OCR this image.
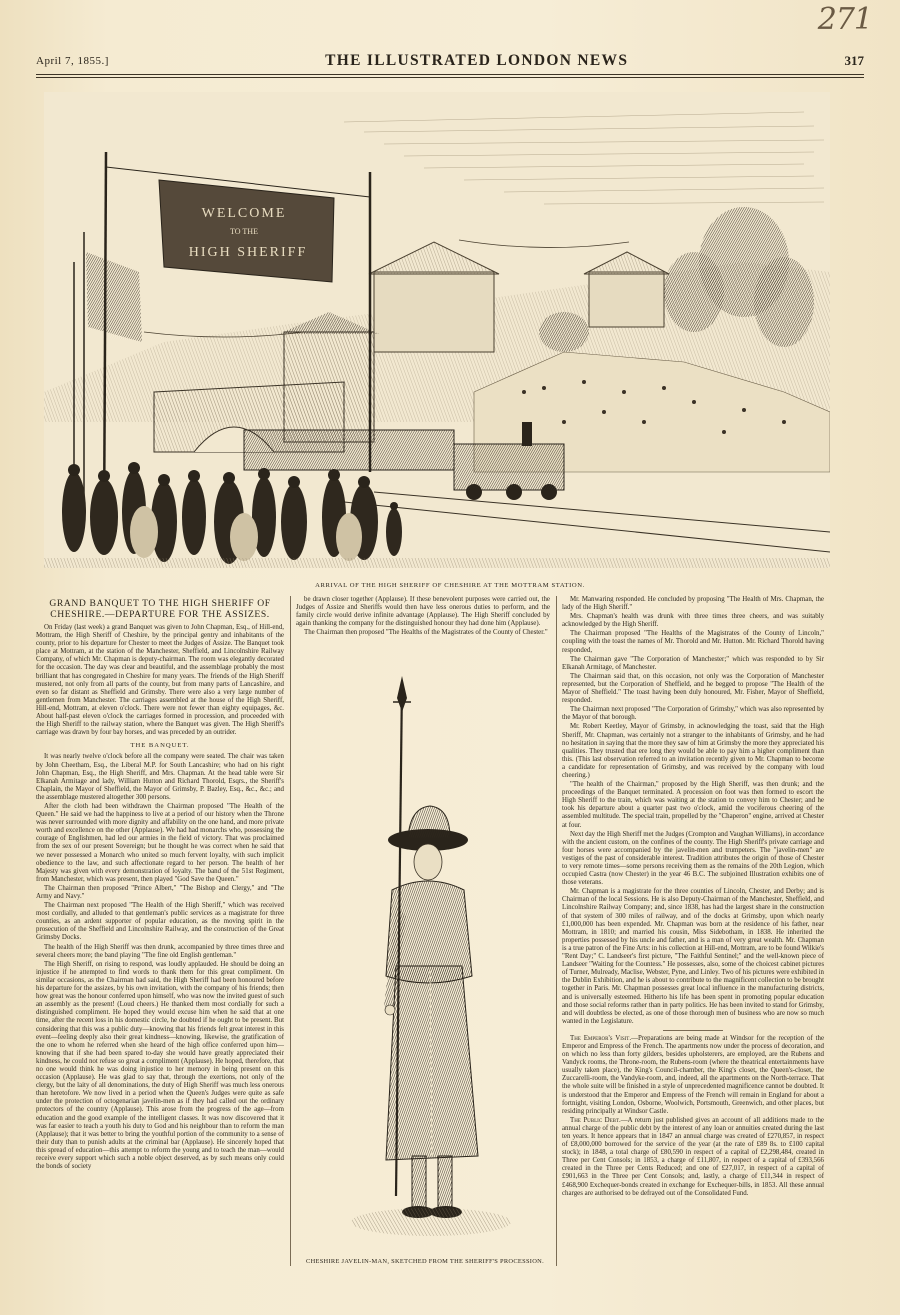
271
April 7, 1855.]	THE ILLUSTRATED LONDON NEWS	317
WELCOME
TO THE
HIGH SHERIFF
ARRIVAL OF THE HIGH SHERIFF OF CHESHIRE AT THE MOTTRAM STATION.
GRAND BANQUET TO THE HIGH SHERIFF OF CHESHIRE.—DEPARTURE FOR THE ASSIZES.

On Friday (last week) a grand Banquet was given to John Chapman, Esq., of Hill-end, Mottram, the High Sheriff of Cheshire, by the principal gentry and inhabitants of the county, prior to his departure for Chester to meet the Judges of Assize. The Banquet took place at Mottram, at the station of the Manchester, Sheffield, and Lincolnshire Railway Company, of which Mr. Chapman is deputy-chairman. The room was elegantly decorated for the occasion. The day was clear and beautiful, and the assemblage probably the most brilliant that has congregated in Cheshire for many years. The friends of the High Sheriff mustered, not only from all parts of the county, but from many parts of Lancashire, and even so far distant as Sheffield and Grimsby. There were also a very large number of gentlemen from Manchester. The carriages assembled at the house of the High Sheriff, Hill-end, Mottram, at eleven o'clock. There were not fewer than eighty equipages, &c. About half-past eleven o'clock the carriages formed in procession, and proceeded with the High Sheriff to the railway station, where the Banquet was given. The High Sheriff's carriage was drawn by four bay horses, and was preceded by an outrider.

THE BANQUET.

It was nearly twelve o'clock before all the company were seated. The chair was taken by John Cheetham, Esq., the Liberal M.P. for South Lancashire; who had on his right John Chapman, Esq., the High Sheriff, and Mrs. Chapman. At the head table were Sir Elkanah Armitage and lady, William Hutton and Richard Thorold, Esqrs., the Sheriff's Chaplain, the Mayor of Sheffield, the Mayor of Grimsby, P. Bazley, Esq., &c., &c.; and the assemblage mustered altogether 300 persons.

After the cloth had been withdrawn the Chairman proposed "The Health of the Queen." He said we had the happiness to live at a period of our history when the Throne was never surrounded with more dignity and affability on the one hand, and more private worth and excellence on the other (Applause). We had had monarchs who, possessing the courage of Englishmen, had led our armies in the field of victory. That was proclaimed from the sex of our present Sovereign; but he thought he was correct when he said that we never possessed a Monarch who united so much fervent loyalty, with such implicit obedience to the law, and such affectionate regard to her person. The health of her Majesty was given with every demonstration of loyalty. The band of the 51st Regiment, from Manchester, which was present, then played "God Save the Queen."

The Chairman then proposed "Prince Albert," "The Bishop and Clergy," and "The Army and Navy."

The Chairman next proposed "The Health of the High Sheriff," which was received most cordially, and alluded to that gentleman's public services as a magistrate for three counties, as an ardent supporter of popular education, as the moving spirit in the prosecution of the Sheffield and Lincolnshire Railway, and the construction of the Great Grimsby Docks.

The health of the High Sheriff was then drunk, accompanied by three times three and several cheers more; the band playing "The fine old English gentleman."

The High Sheriff, on rising to respond, was loudly applauded. He should be doing an injustice if he attempted to find words to thank them for this great compliment. On similar occasions, as the Chairman had said, the High Sheriff had been honoured before his departure for the assizes, by his own invitation, with the company of his friends; then how great was the honour conferred upon himself, who was now the invited guest of such an assembly as the present! (Loud cheers.) He thanked them most cordially for such a distinguished compliment. He hoped they would excuse him when he said that at one time, after the recent loss in his domestic circle, he doubted if he ought to be present. But considering that this was a public duty—knowing that his friends felt great interest in this event—feeling deeply also their great kindness—knowing, likewise, the gratification of the one to whom he referred when she heard of the high office conferred upon him—knowing that if she had been spared to-day she would have greatly appreciated their kindness, he could not refuse so great a compliment (Applause). He hoped, therefore, that no one would think he was doing injustice to her memory in being present on this occasion (Applause). He was glad to say that, through the exertions, not only of the clergy, but the laity of all denominations, the duty of High Sheriff was much less onerous than heretofore. We now lived in a period when the Queen's Judges were quite as safe under the protection of octogenarian javelin-men as if they had called out the ordinary protectors of the country (Applause). This arose from the progress of the age—from education and the good example of the intelligent classes. It was now discovered that it was far easier to teach a youth his duty to God and his neighbour than to reform the man (Applause); that it was better to bring the youthful portion of the community to a sense of their duty than to punish adults at the criminal bar (Applause). He sincerely hoped that this spread of education—this attempt to reform the young and to teach the man—would receive every support which such a noble object deserved, as by such means only could the bonds of society

be drawn closer together (Applause). If these benevolent purposes were carried out, the Judges of Assize and Sheriffs would then have less onerous duties to perform, and the family circle would derive infinite advantage (Applause). The High Sheriff concluded by again thanking the company for the distinguished honour they had done him (Applause).

The Chairman then proposed "The Healths of the Magistrates of the County of Chester."

CHESHIRE JAVELIN-MAN, SKETCHED FROM THE SHERIFF'S PROCESSION.

Mr. Manwaring responded. He concluded by proposing "The Health of Mrs. Chapman, the lady of the High Sheriff."

Mrs. Chapman's health was drunk with three times three cheers, and was suitably acknowledged by the High Sheriff.

The Chairman proposed "The Healths of the Magistrates of the County of Lincoln," coupling with the toast the names of Mr. Thorold and Mr. Hutton. Mr. Richard Thorold having responded,

The Chairman gave "The Corporation of Manchester;" which was responded to by Sir Elkanah Armitage, of Manchester.

The Chairman said that, on this occasion, not only was the Corporation of Manchester represented, but the Corporation of Sheffield, and he begged to propose "The Health of the Mayor of Sheffield." The toast having been duly honoured, Mr. Fisher, Mayor of Sheffield, responded.

The Chairman next proposed "The Corporation of Grimsby," which was also represented by the Mayor of that borough.

Mr. Robert Keetley, Mayor of Grimsby, in acknowledging the toast, said that the High Sheriff, Mr. Chapman, was certainly not a stranger to the inhabitants of Grimsby, and he had no hesitation in saying that the more they saw of him at Grimsby the more they appreciated his qualities. They trusted that ere long they would be able to pay him a higher compliment than this. (This last observation referred to an invitation recently given to Mr. Chapman to become a candidate for representation of Grimsby, and was received by the company with loud cheering.)

"The health of the Chairman," proposed by the High Sheriff, was then drunk; and the proceedings of the Banquet terminated. A procession on foot was then formed to escort the High Sheriff to the train, which was waiting at the station to convey him to Chester; and he took his departure about a quarter past two o'clock, amid the vociferous cheering of the assembled multitude. The special train, propelled by the "Chaperon" engine, arrived at Chester at four.

Next day the High Sheriff met the Judges (Crompton and Vaughan Williams), in accordance with the ancient custom, on the confines of the county. The High Sheriff's private carriage and four horses were accompanied by the javelin-men and trumpeters. The "javelin-men" are vestiges of the past of considerable interest. Tradition attributes the origin of those of Chester to very remote times—some persons receiving them as the remains of the 20th Legion, which occupied Castra (now Chester) in the year 46 B.C. The subjoined Illustration exhibits one of those veterans.

Mr. Chapman is a magistrate for the three counties of Lincoln, Chester, and Derby; and is Chairman of the local Sessions. He is also Deputy-Chairman of the Manchester, Sheffield, and Lincolnshire Railway Company; and, since 1838, has had the largest share in the construction of that system of 300 miles of railway, and of the docks at Grimsby, upon which nearly £1,000,000 has been expended. Mr. Chapman was born at the residence of his father, near Mottram, in 1810; and married his cousin, Miss Sidebotham, in 1838. He inherited the properties possessed by his uncle and father, and is a man of very great wealth. Mr. Chapman is a true patron of the Fine Arts: in his collection at Hill-end, Mottram, are to be found Wilkie's "Rent Day;" C. Landseer's first picture, "The Faithful Sentinel;" and the well-known piece of Landseer "Waiting for the Countess." He possesses, also, some of the choicest cabinet pictures of Turner, Mulready, Maclise, Webster, Pyne, and Linley. Two of his pictures were exhibited in the Dublin Exhibition, and he is about to contribute to the magnificent collection to be brought together in Paris. Mr. Chapman possesses great local influence in the manufacturing districts, and is universally esteemed. Hitherto his life has been spent in promoting popular education and those social reforms rather than in party politics. He has been invited to stand for Grimsby, and will doubtless be elected, as one of those thorough men of business who are now so much wanted in the Legislature.

The Emperor's Visit.—Preparations are being made at Windsor for the reception of the Emperor and Empress of the French. The apartments now under the process of decoration, and on which no less than forty gilders, besides upholsterers, are employed, are the Rubens and Vandyck rooms, the Throne-room, the Rubens-room (where the theatrical entertainments have usually taken place), the King's Council-chamber, the King's closet, the Queen's-closet, the Zuccarelli-room, the Vandyke-room, and, indeed, all the apartments on the North-terrace. That the whole suite will be finished in a style of unprecedented magnificence cannot be doubted. It is understood that the Emperor and Empress of the French will remain in England for about a fortnight, visiting London, Osborne, Woolwich, Portsmouth, Greenwich, and other places, but residing principally at Windsor Castle.

The Public Debt.—A return just published gives an account of all additions made to the annual charge of the public debt by the interest of any loan or annuities created during the last ten years. It hence appears that in 1847 an annual charge was created of £270,857, in respect of £8,000,000 borrowed for the service of the year (at the rate of £89 8s. to £100 capital stock); in 1848, a total charge of £80,590 in respect of a capital of £2,298,484, created in Three per Cent Consols; in 1853, a charge of £11,807, in respect of a capital of £393,566 created in the Three per Cents Reduced; and one of £27,017, in respect of a capital of £901,663 in the Three per Cent Consols; and, lastly, a charge of £11,344 in respect of £468,900 Exchequer-bonds created in exchange for Exchequer-bills, in 1853. All these annual charges are authorised to be defrayed out of the Consolidated Fund.
